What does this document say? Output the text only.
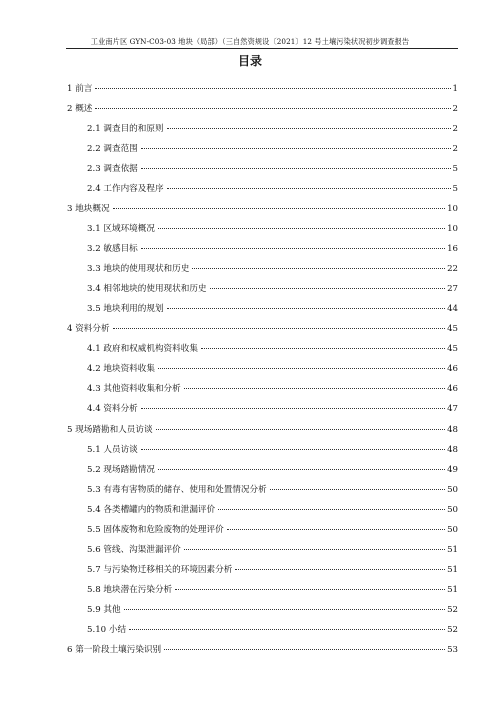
工业南片区 GYN-C03-03 地块（局部）（三自然资规设〔2021〕12 号土壤污染状况初步调查报告
目录
1 前言	1
2 概述	2
2.1 调查目的和原则	2
2.2 调查范围	2
2.3 调查依据	5
2.4 工作内容及程序	5
3 地块概况	10
3.1 区域环境概况	10
3.2 敏感目标	16
3.3 地块的使用现状和历史	22
3.4 相邻地块的使用现状和历史	27
3.5 地块利用的规划	44
4 资料分析	45
4.1 政府和权威机构资料收集	45
4.2 地块资料收集	46
4.3 其他资料收集和分析	46
4.4 资料分析	47
5 现场踏勘和人员访谈	48
5.1 人员访谈	48
5.2 现场踏勘情况	49
5.3 有毒有害物质的储存、使用和处置情况分析	50
5.4 各类槽罐内的物质和泄漏评价	50
5.5 固体废物和危险废物的处理评价	50
5.6 管线、沟渠泄漏评价	51
5.7 与污染物迁移相关的环境因素分析	51
5.8 地块潜在污染分析	51
5.9 其他	52
5.10 小结	52
6 第一阶段土壤污染识别	53
